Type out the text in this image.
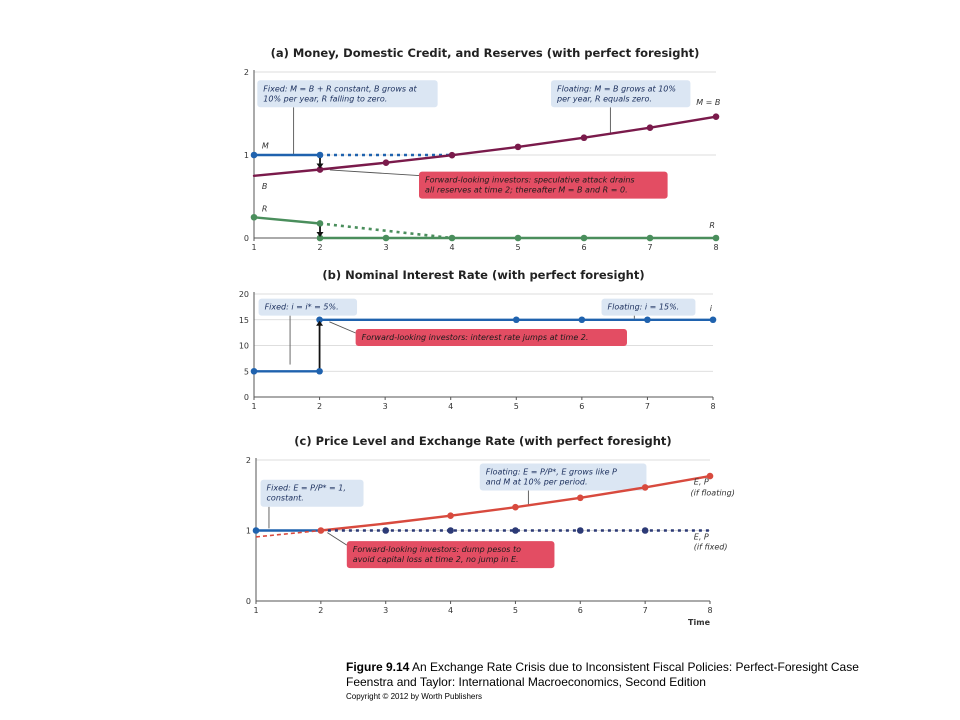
(a) Money, Domestic Credit, and Reserves (with perfect foresight)
0
1
2
1	2	3	4	5	6	7	8
Fixed: M = B + R constant, B grows at
10% per year, R falling to zero.
Floating: M = B grows at 10%
per year, R equals zero.
Forward-looking investors: speculative attack drains
all reserves at time 2; thereafter M = B and R = 0.
M
B
R
R
M = B
(b) Nominal Interest Rate (with perfect foresight)
0
5
10
15
20
1	2	3	4	5	6	7	8
Fixed: i = i* = 5%.	Floating: i = 15%.
Forward-looking investors: interest rate jumps at time 2.
i
(c) Price Level and Exchange Rate (with perfect foresight)
0
1
2
1	2	3	4	5	6	7	8
Time
Fixed: E = P/P* = 1,
constant.
Floating: E = P/P*, E grows like P
and M at 10% per period.
Forward-looking investors: dump pesos to
avoid capital loss at time 2, no jump in E.
E, P
(if floating)
E, P
(if fixed)
Figure 9.14 An Exchange Rate Crisis due to Inconsistent Fiscal Policies: Perfect-Foresight Case
Feenstra and Taylor: International Macroeconomics, Second Edition
Copyright © 2012 by Worth Publishers
